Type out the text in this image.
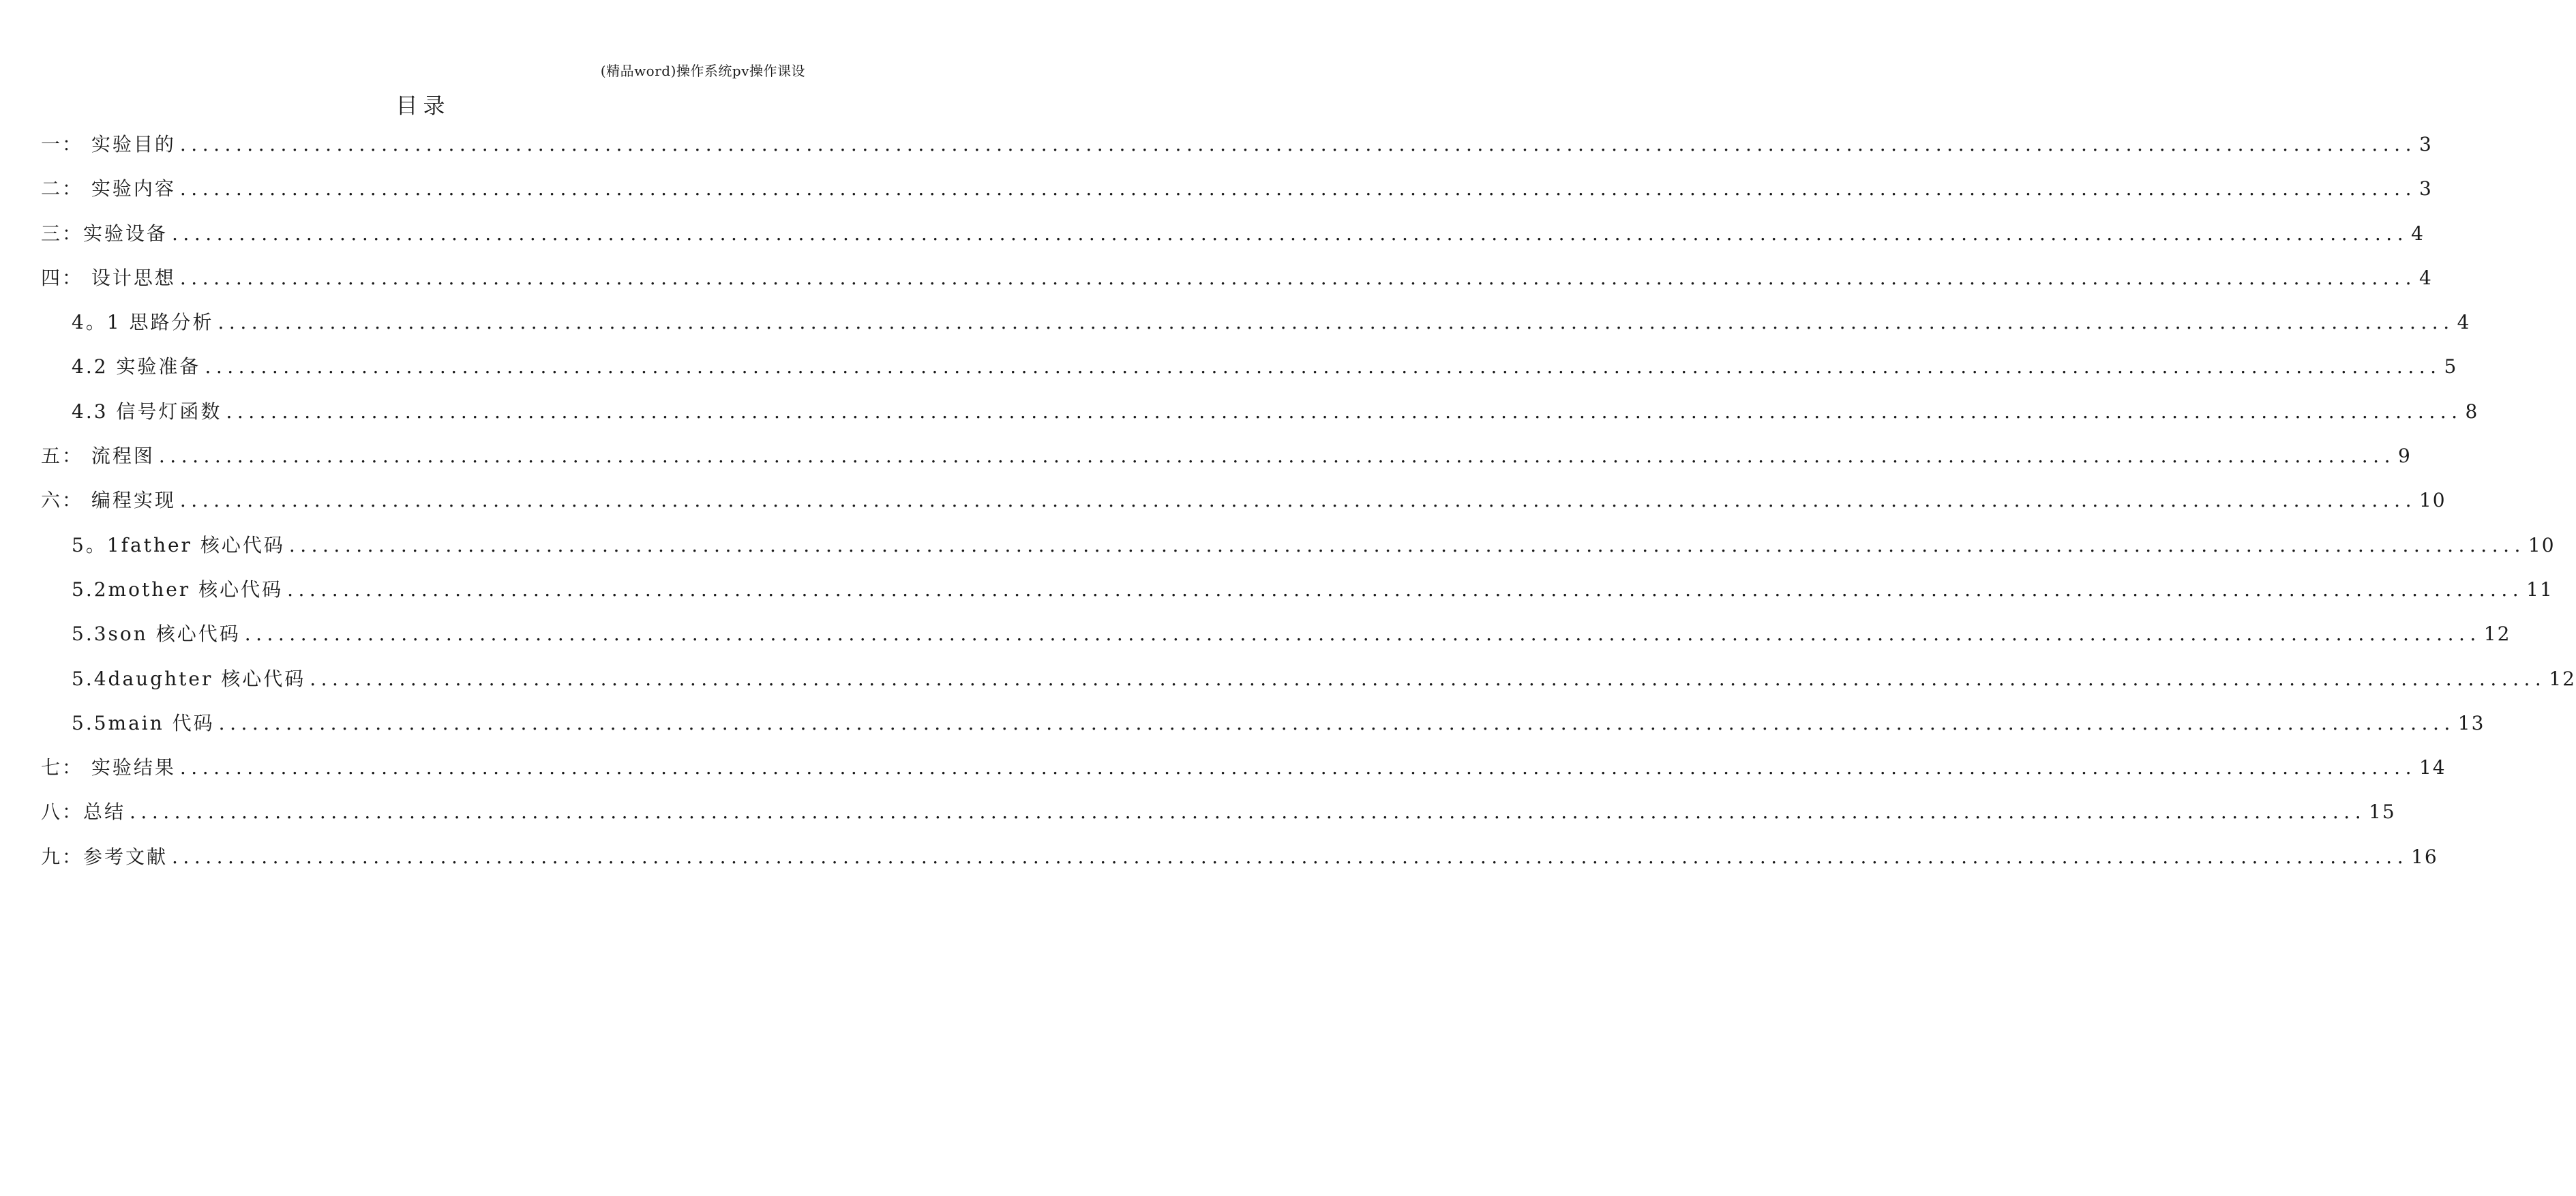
(精品word)操作系统pv操作课设
目录
一： 实验目的 ........................................................................................................................................................................................................ 3
二： 实验内容 ........................................................................................................................................................................................................ 3
三：实验设备 ........................................................................................................................................................................................................ 4
四： 设计思想 ........................................................................................................................................................................................................ 4
4。1 思路分析 ........................................................................................................................................................................................................ 4
4.2 实验准备 ........................................................................................................................................................................................................ 5
4.3 信号灯函数 ........................................................................................................................................................................................................ 8
五： 流程图 ........................................................................................................................................................................................................ 9
六： 编程实现 ........................................................................................................................................................................................................ 10
5。1father 核心代码 ........................................................................................................................................................................................................ 10
5.2mother 核心代码 ........................................................................................................................................................................................................ 11
5.3son 核心代码 ........................................................................................................................................................................................................ 12
5.4daughter 核心代码 ........................................................................................................................................................................................................ 12
5.5main 代码 ........................................................................................................................................................................................................ 13
七： 实验结果 ........................................................................................................................................................................................................ 14
八：总结 ........................................................................................................................................................................................................ 15
九：参考文献 ........................................................................................................................................................................................................ 16
